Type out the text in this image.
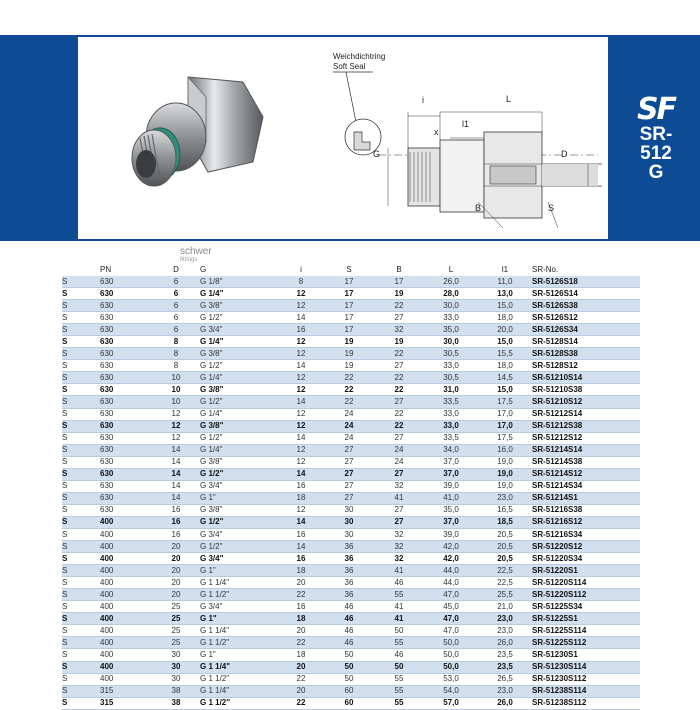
schwer
fittings
Weichdichtring
Soft Seal
i	L
l1
x
G	D
B	S
SF
SR-
512
G
	PN	D	G	i	S	B	L	l1	SR-No.
S	630	6	G 1/8"	8	17	17	26,0	11,0	SR-5126S18
S	630	6	G 1/4"	12	17	19	28,0	13,0	SR-5126S14
S	630	6	G 3/8"	12	17	22	30,0	15,0	SR-5126S38
S	630	6	G 1/2"	14	17	27	33,0	18,0	SR-5126S12
S	630	6	G 3/4"	16	17	32	35,0	20,0	SR-5126S34
S	630	8	G 1/4"	12	19	19	30,0	15,0	SR-5128S14
S	630	8	G 3/8"	12	19	22	30,5	15,5	SR-5128S38
S	630	8	G 1/2"	14	19	27	33,0	18,0	SR-5128S12
S	630	10	G 1/4"	12	22	22	30,5	14,5	SR-51210S14
S	630	10	G 3/8"	12	22	22	31,0	15,0	SR-51210S38
S	630	10	G 1/2"	14	22	27	33,5	17,5	SR-51210S12
S	630	12	G 1/4"	12	24	22	33,0	17,0	SR-51212S14
S	630	12	G 3/8"	12	24	22	33,0	17,0	SR-51212S38
S	630	12	G 1/2"	14	24	27	33,5	17,5	SR-51212S12
S	630	14	G 1/4"	12	27	24	34,0	16,0	SR-51214S14
S	630	14	G 3/8"	12	27	24	37,0	19,0	SR-51214S38
S	630	14	G 1/2"	14	27	27	37,0	19,0	SR-51214S12
S	630	14	G 3/4"	16	27	32	39,0	19,0	SR-51214S34
S	630	14	G 1"	18	27	41	41,0	23,0	SR-51214S1
S	630	16	G 3/8"	12	30	27	35,0	16,5	SR-51216S38
S	400	16	G 1/2"	14	30	27	37,0	18,5	SR-51216S12
S	400	16	G 3/4"	16	30	32	39,0	20,5	SR-51216S34
S	400	20	G 1/2"	14	36	32	42,0	20,5	SR-51220S12
S	400	20	G 3/4"	16	36	32	42,0	20,5	SR-51220S34
S	400	20	G 1"	18	36	41	44,0	22,5	SR-51220S1
S	400	20	G 1 1/4"	20	36	46	44,0	22,5	SR-51220S114
S	400	20	G 1 1/2"	22	36	55	47,0	25,5	SR-51220S112
S	400	25	G 3/4"	16	46	41	45,0	21,0	SR-51225S34
S	400	25	G 1"	18	46	41	47,0	23,0	SR-51225S1
S	400	25	G 1 1/4"	20	46	50	47,0	23,0	SR-51225S114
S	400	25	G 1 1/2"	22	46	55	50,0	26,0	SR-51225S112
S	400	30	G 1"	18	50	46	50,0	23,5	SR-51230S1
S	400	30	G 1 1/4"	20	50	50	50,0	23,5	SR-51230S114
S	400	30	G 1 1/2"	22	50	55	53,0	26,5	SR-51230S112
S	315	38	G 1 1/4"	20	60	55	54,0	23,0	SR-51238S114
S	315	38	G 1 1/2"	22	60	55	57,0	26,0	SR-51238S112
